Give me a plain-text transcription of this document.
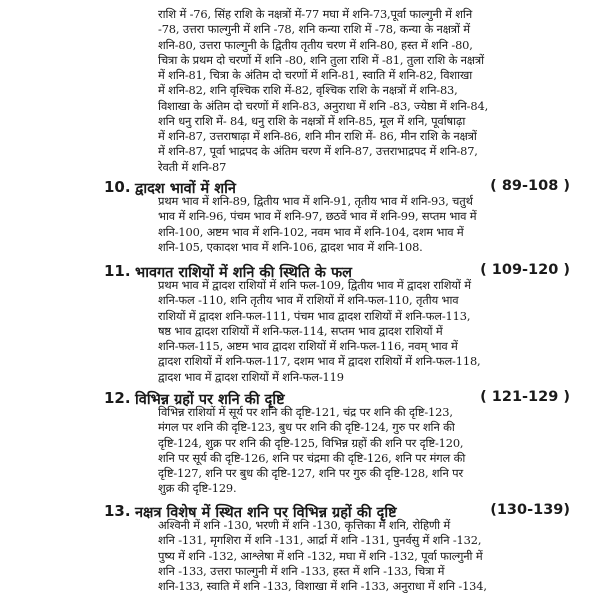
राशि में -76, सिंह राशि के नक्षत्रों में-77 मघा में शनि-73,पूर्वा फाल्गुनी में शनि
-78, उत्तरा फाल्गुनी में शनि -78, शनि कन्या राशि में -78, कन्या के नक्षत्रों में
शनि-80, उत्तरा फाल्गुनी के द्वितीय तृतीय चरण में शनि-80, हस्त में शनि -80,
चित्रा के प्रथम दो चरणों में शनि -80, शनि तुला राशि में -81, तुला राशि के नक्षत्रों
में शनि-81, चित्रा के अंतिम दो चरणों में शनि-81, स्वाति में शनि-82, विशाखा
में शनि-82, शनि वृश्चिक राशि में-82, वृश्चिक राशि के नक्षत्रों में शनि-83,
विशाखा के अंतिम दो चरणों में शनि-83, अनुराधा में शनि -83, ज्येष्ठा में शनि-84,
शनि धनु राशि में- 84, धनु राशि के नक्षत्रों में शनि-85, मूल में शनि, पूर्वाषाढ़ा
में शनि-87, उत्तराषाढ़ा में शनि-86, शनि मीन राशि में- 86, मीन राशि के नक्षत्रों
में शनि-87, पूर्वा भाद्रपद के अंतिम चरण में शनि-87, उत्तराभाद्रपद में शनि-87,
रेवती में शनि-87
10. द्वादश भावों में शनि	( 89-108 )
प्रथम भाव में शनि-89, द्वितीय भाव में शनि-91, तृतीय भाव में शनि-93, चतुर्थ
भाव में शनि-96, पंचम भाव में शनि-97, छठवें भाव में शनि-99, सप्तम भाव में
शनि-100, अष्टम भाव में शनि-102, नवम भाव में शनि-104, दशम भाव में
शनि-105, एकादश भाव में शनि-106, द्वादश भाव में शनि-108.
11. भावगत राशियों में शनि की स्थिति के फल	( 109-120 )
प्रथम भाव में द्वादश राशियों में शनि फल-109, द्वितीय भाव में द्वादश राशियों में
शनि-फल -110, शनि तृतीय भाव में राशियों में शनि-फल-110, तृतीय भाव
राशियों में द्वादश शनि-फल-111, पंचम भाव द्वादश राशियों में शनि-फल-113,
षष्ठ भाव द्वादश राशियों में शनि-फल-114, सप्तम भाव द्वादश राशियों में
शनि-फल-115, अष्टम भाव द्वादश राशियों में शनि-फल-116, नवम् भाव में
द्वादश राशियों में शनि-फल-117, दशम भाव में द्वादश राशियों में शनि-फल-118,
द्वादश भाव में द्वादश राशियों में शनि-फल-119
12. विभिन्न ग्रहों पर शनि की दृष्टि	( 121-129 )
विभिन्न राशियों में सूर्य पर शनि की दृष्टि-121, चंद्र पर शनि की दृष्टि-123,
मंगल पर शनि की दृष्टि-123, बुध पर शनि की दृष्टि-124, गुरु पर शनि की
दृष्टि-124, शुक्र पर शनि की दृष्टि-125, विभिन्न ग्रहों की शनि पर दृष्टि-120,
शनि पर सूर्य की दृष्टि-126, शनि पर चंद्रमा की दृष्टि-126, शनि पर मंगल की
दृष्टि-127, शनि पर बुध की दृष्टि-127, शनि पर गुरु की दृष्टि-128, शनि पर
शुक्र की दृष्टि-129.
13. नक्षत्र विशेष में स्थित शनि पर विभिन्न ग्रहों की दृष्टि	(130-139)
अश्विनी में शनि -130, भरणी में शनि -130, कृत्तिका में शनि, रोहिणी में
शनि -131, मृगशिरा में शनि -131, आर्द्रा में शनि -131, पुनर्वसु में शनि -132,
पुष्य में शनि -132, आश्लेषा में शनि -132, मघा में शनि -132, पूर्वा फाल्गुनी में
शनि -133, उत्तरा फाल्गुनी में शनि -133, हस्त में शनि -133, चित्रा में
शनि-133, स्वाति में शनि -133, विशाखा में शनि -133, अनुराधा में शनि -134,
